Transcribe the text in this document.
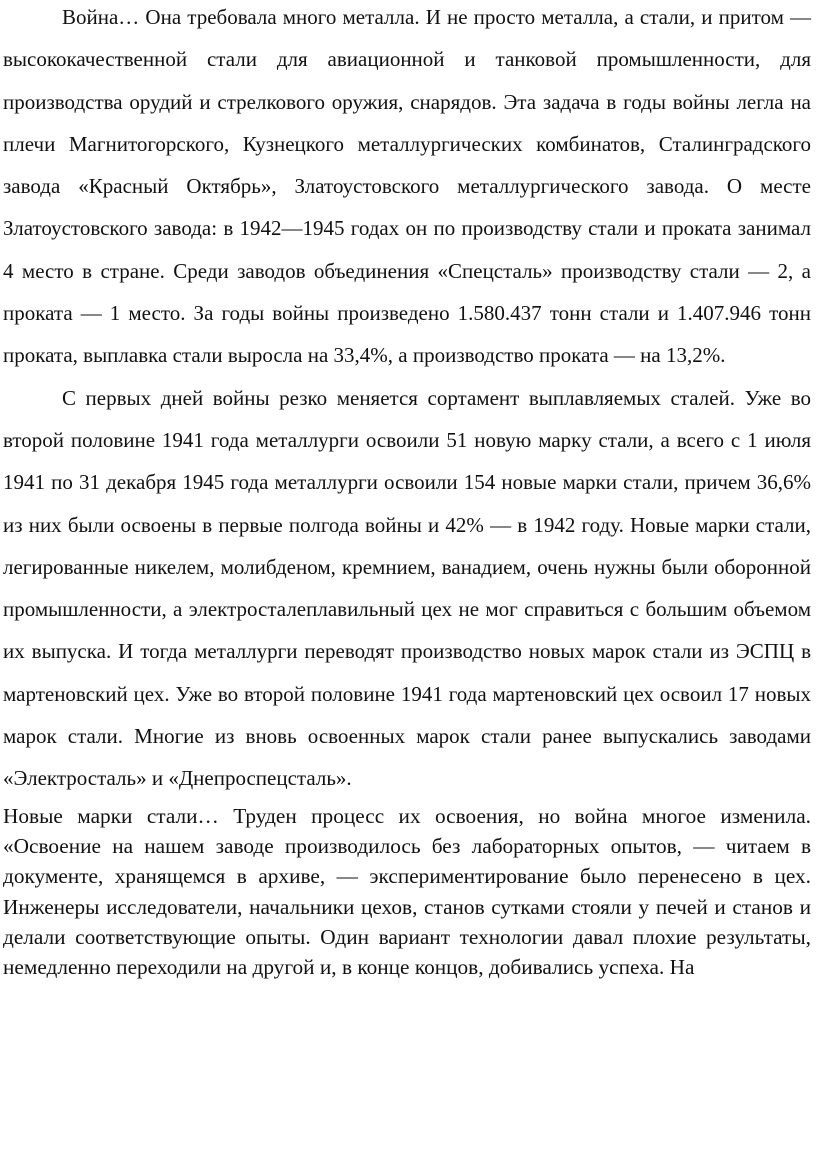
Война… Она требовала много металла. И не просто металла, а стали, и притом — высококачественной стали для авиационной и танковой промышленности, для производства орудий и стрелкового оружия, снарядов. Эта задача в годы войны легла на плечи Магнитогорского, Кузнецкого металлургических комбинатов, Сталинградского завода «Красный Октябрь», Златоустовского металлургического завода. О месте Златоустовского завода: в 1942—1945 годах он по производству стали и проката занимал 4 место в стране. Среди заводов объединения «Спецсталь» производству стали — 2, а проката — 1 место. За годы войны произведено 1.580.437 тонн стали и 1.407.946 тонн проката, выплавка стали выросла на 33,4%, а производство проката — на 13,2%.

С первых дней войны резко меняется сортамент выплавляемых сталей. Уже во второй половине 1941 года металлурги освоили 51 новую марку стали, а всего с 1 июля 1941 по 31 декабря 1945 года металлурги освоили 154 новые марки стали, причем 36,6% из них были освоены в первые полгода войны и 42% — в 1942 году. Новые марки стали, легированные никелем, молибденом, кремнием, ванадием, очень нужны были оборонной промышленности, а электросталеплавильный цех не мог справиться с большим объемом их выпуска. И тогда металлурги переводят производство новых марок стали из ЭСПЦ в мартеновский цех. Уже во второй половине 1941 года мартеновский цех освоил 17 новых марок стали. Многие из вновь освоенных марок стали ранее выпускались заводами «Электросталь» и «Днепроспецсталь».

Новые марки стали… Труден процесс их освоения, но война многое изменила. «Освоение на нашем заводе производилось без лабораторных опытов, — читаем в документе, хранящемся в архиве, — экспериментирование было перенесено в цех. Инженеры исследователи, начальники цехов, станов сутками стояли у печей и станов и делали соответствующие опыты. Один вариант технологии давал плохие результаты, немедленно переходили на другой и, в конце концов, добивались успеха. На
